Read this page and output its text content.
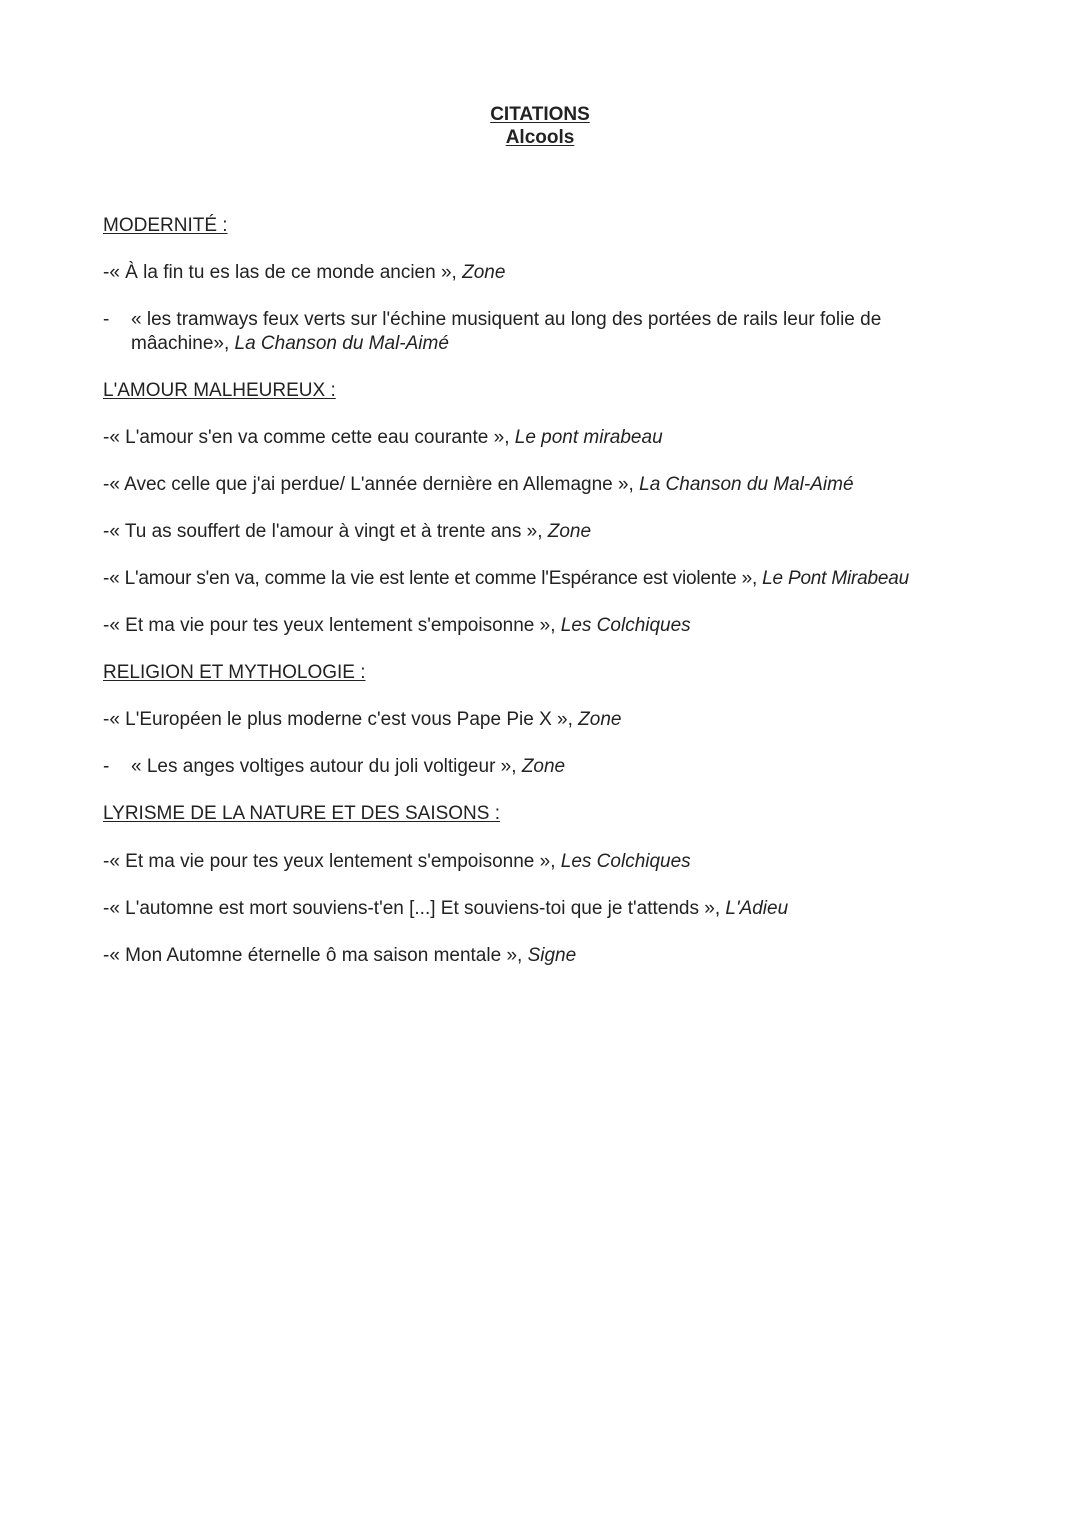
CITATIONS
Alcools
MODERNITÉ :
-« À la fin tu es las de ce monde ancien », Zone
-	« les tramways feux verts sur l'échine musiquent au long des portées de rails leur folie de mâachine», La Chanson du Mal-Aimé
L'AMOUR MALHEUREUX :
-« L'amour s'en va comme cette eau courante », Le pont mirabeau
-« Avec celle que j'ai perdue/ L'année dernière en Allemagne », La Chanson du Mal-Aimé
-« Tu as souffert de l'amour à vingt et à trente ans », Zone
-« L'amour s'en va, comme la vie est lente et comme l'Espérance est violente », Le Pont Mirabeau
-« Et ma vie pour tes yeux lentement s'empoisonne », Les Colchiques
RELIGION ET MYTHOLOGIE :
-« L'Européen le plus moderne c'est vous Pape Pie X », Zone
-	« Les anges voltiges autour du joli voltigeur », Zone
LYRISME DE LA NATURE ET DES SAISONS :
-« Et ma vie pour tes yeux lentement s'empoisonne », Les Colchiques
-« L'automne est mort souviens-t'en [...] Et souviens-toi que je t'attends », L'Adieu
-« Mon Automne éternelle ô ma saison mentale », Signe
